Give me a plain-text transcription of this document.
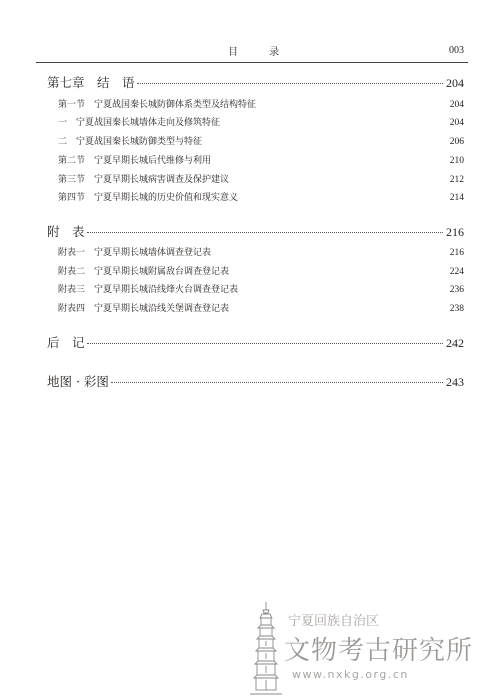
目 录	003
第七章　结　语	204
第一节　宁夏战国秦长城防御体系类型及结构特征	204
一　宁夏战国秦长城墙体走向及修筑特征	204
二　宁夏战国秦长城防御类型与特征	206
第二节　宁夏早期长城后代维修与利用	210
第三节　宁夏早期长城病害调查及保护建议	212
第四节　宁夏早期长城的历史价值和现实意义	214
附　表	216
附表一　宁夏早期长城墙体调查登记表	216
附表二　宁夏早期长城附属敌台调查登记表	224
附表三　宁夏早期长城沿线烽火台调查登记表	236
附表四　宁夏早期长城沿线关堡调查登记表	238
后　记	242
地图 · 彩图	243
宁夏回族自治区
文物考古研究所
www.nxkg.org.cn
